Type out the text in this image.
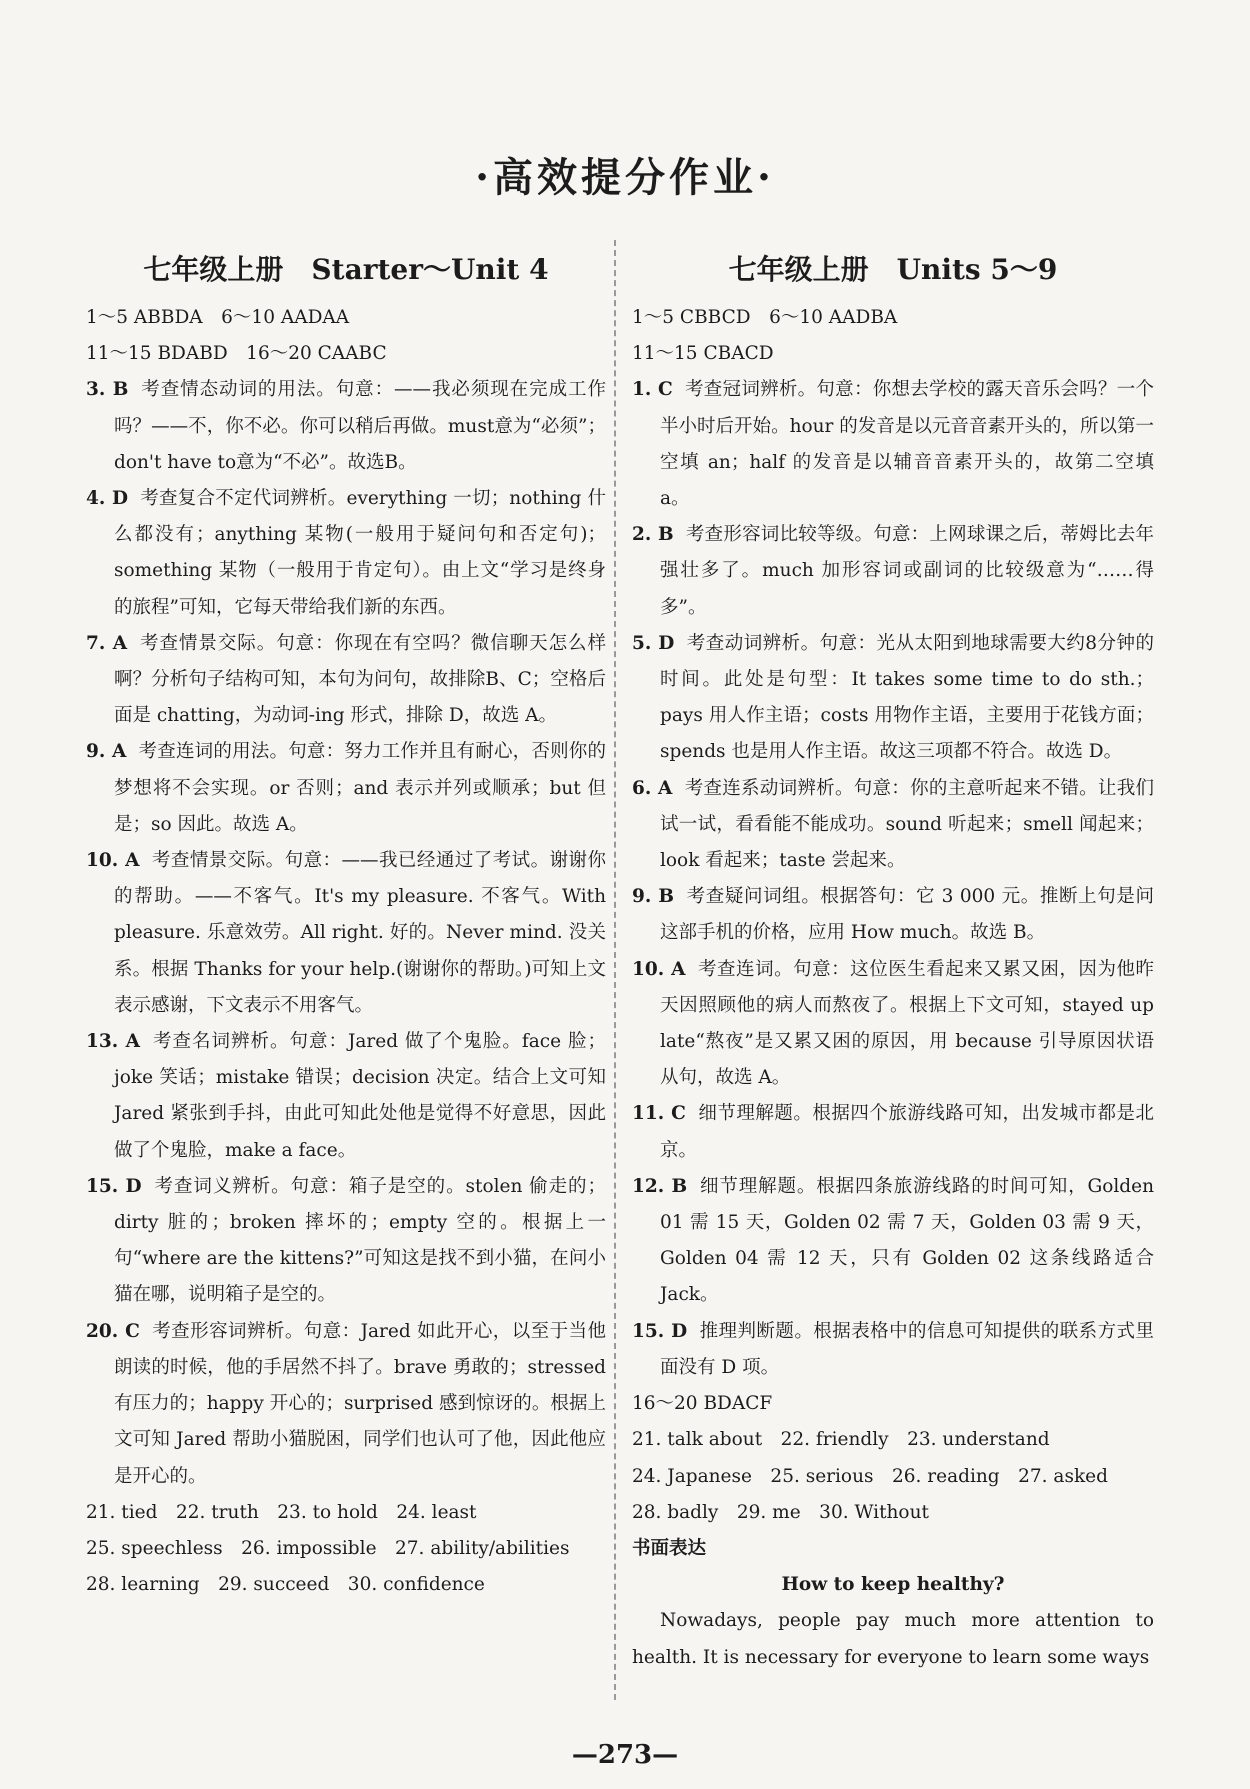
·高效提分作业·
七年级上册　Starter～Unit 4
1～5 ABBDA　6～10 AADAA
11～15 BDABD　16～20 CAABC
3. B 考查情态动词的用法。句意：——我必须现在完成工作吗？——不，你不必。你可以稍后再做。must意为“必须”；don't have to意为“不必”。故选B。
4. D 考查复合不定代词辨析。everything 一切；nothing 什么都没有；anything 某物(一般用于疑问句和否定句)；something 某物（一般用于肯定句）。由上文“学习是终身的旅程”可知，它每天带给我们新的东西。
7. A 考查情景交际。句意：你现在有空吗？微信聊天怎么样啊？分析句子结构可知，本句为问句，故排除B、C；空格后面是 chatting，为动词-ing 形式，排除 D，故选 A。
9. A 考查连词的用法。句意：努力工作并且有耐心，否则你的梦想将不会实现。or 否则；and 表示并列或顺承；but 但是；so 因此。故选 A。
10. A 考查情景交际。句意：——我已经通过了考试。谢谢你的帮助。——不客气。It's my pleasure. 不客气。With pleasure. 乐意效劳。All right. 好的。Never mind. 没关系。根据 Thanks for your help.(谢谢你的帮助。)可知上文表示感谢，下文表示不用客气。
13. A 考查名词辨析。句意：Jared 做了个鬼脸。face 脸；joke 笑话；mistake 错误；decision 决定。结合上文可知 Jared 紧张到手抖，由此可知此处他是觉得不好意思，因此做了个鬼脸，make a face。
15. D 考查词义辨析。句意：箱子是空的。stolen 偷走的；dirty 脏的；broken 摔坏的；empty 空的。根据上一句“where are the kittens?”可知这是找不到小猫，在问小猫在哪，说明箱子是空的。
20. C 考查形容词辨析。句意：Jared 如此开心，以至于当他朗读的时候，他的手居然不抖了。brave 勇敢的；stressed 有压力的；happy 开心的；surprised 感到惊讶的。根据上文可知 Jared 帮助小猫脱困，同学们也认可了他，因此他应是开心的。
21. tied　22. truth　23. to hold　24. least
25. speechless　26. impossible　27. ability/abilities
28. learning　29. succeed　30. confidence
七年级上册　Units 5～9
1～5 CBBCD　6～10 AADBA
11～15 CBACD
1. C 考查冠词辨析。句意：你想去学校的露天音乐会吗？一个半小时后开始。hour 的发音是以元音音素开头的，所以第一空填 an；half 的发音是以辅音音素开头的，故第二空填 a。
2. B 考查形容词比较等级。句意：上网球课之后，蒂姆比去年强壮多了。much 加形容词或副词的比较级意为“……得多”。
5. D 考查动词辨析。句意：光从太阳到地球需要大约8分钟的时间。此处是句型：It takes some time to do sth.；pays 用人作主语；costs 用物作主语，主要用于花钱方面；spends 也是用人作主语。故这三项都不符合。故选 D。
6. A 考查连系动词辨析。句意：你的主意听起来不错。让我们试一试，看看能不能成功。sound 听起来；smell 闻起来；look 看起来；taste 尝起来。
9. B 考查疑问词组。根据答句：它 3 000 元。推断上句是问这部手机的价格，应用 How much。故选 B。
10. A 考查连词。句意：这位医生看起来又累又困，因为他昨天因照顾他的病人而熬夜了。根据上下文可知，stayed up late“熬夜”是又累又困的原因，用 because 引导原因状语从句，故选 A。
11. C 细节理解题。根据四个旅游线路可知，出发城市都是北京。
12. B 细节理解题。根据四条旅游线路的时间可知，Golden 01 需 15 天，Golden 02 需 7 天，Golden 03 需 9 天，Golden 04 需 12 天，只有 Golden 02 这条线路适合 Jack。
15. D 推理判断题。根据表格中的信息可知提供的联系方式里面没有 D 项。
16～20 BDACF
21. talk about　22. friendly　23. understand
24. Japanese　25. serious　26. reading　27. asked
28. badly　29. me　30. Without
书面表达
How to keep healthy?
Nowadays, people pay much more attention to health. It is necessary for everyone to learn some ways
—273—
